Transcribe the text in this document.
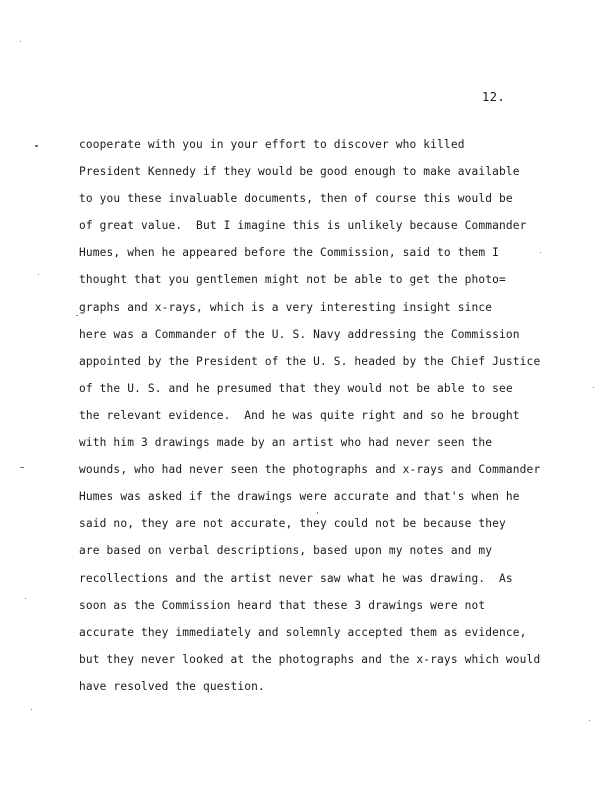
12.
cooperate with you in your effort to discover who killed
President Kennedy if they would be good enough to make available
to you these invaluable documents, then of course this would be
of great value.  But I imagine this is unlikely because Commander
Humes, when he appeared before the Commission, said to them I
thought that you gentlemen might not be able to get the photo=
graphs and x-rays, which is a very interesting insight since
here was a Commander of the U. S. Navy addressing the Commission
appointed by the President of the U. S. headed by the Chief Justice
of the U. S. and he presumed that they would not be able to see
the relevant evidence.  And he was quite right and so he brought
with him 3 drawings made by an artist who had never seen the
wounds, who had never seen the photographs and x-rays and Commander
Humes was asked if the drawings were accurate and that's when he
said no, they are not accurate, they could not be because they
are based on verbal descriptions, based upon my notes and my
recollections and the artist never saw what he was drawing.  As
soon as the Commission heard that these 3 drawings were not
accurate they immediately and solemnly accepted them as evidence,
but they never looked at the photographs and the x-rays which would
have resolved the question.
